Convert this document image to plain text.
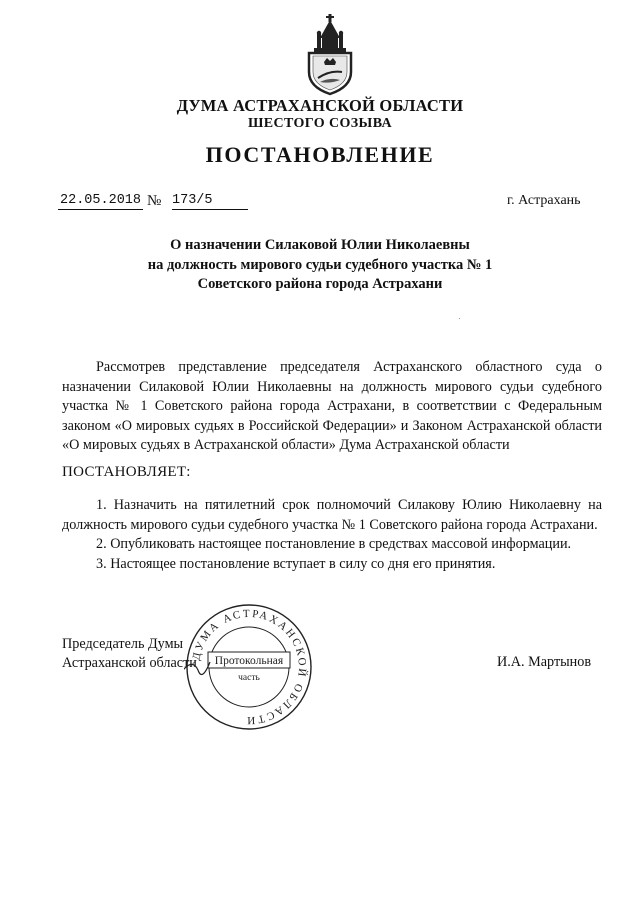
ДУМА АСТРАХАНСКОЙ ОБЛАСТИ
ШЕСТОГО СОЗЫВА
ПОСТАНОВЛЕНИЕ
22.05.2018 № 173/5	г. Астрахань
О назначении Силаковой Юлии Николаевны
на должность мирового судьи судебного участка № 1
Советского района города Астрахани
Рассмотрев представление председателя Астраханского областного суда о назначении Силаковой Юлии Николаевны на должность мирового судьи судебного участка № 1 Советского района города Астрахани, в соответствии с Федеральным законом «О мировых судьях в Российской Федерации» и Законом Астраханской области «О мировых судьях в Астраханской области» Дума Астраханской области
ПОСТАНОВЛЯЕТ:

1. Назначить на пятилетний срок полномочий Силакову Юлию Николаевну на должность мирового судьи судебного участка № 1 Советского района города Астрахани.

2. Опубликовать настоящее постановление в средствах массовой информации.

3. Настоящее постановление вступает в силу со дня его принятия.

Председатель Думы
Астраханской области	И.А. Мартынов
ДУМА АСТРАХАНСКОЙ ОБЛАСТИ
Протокольная
часть
